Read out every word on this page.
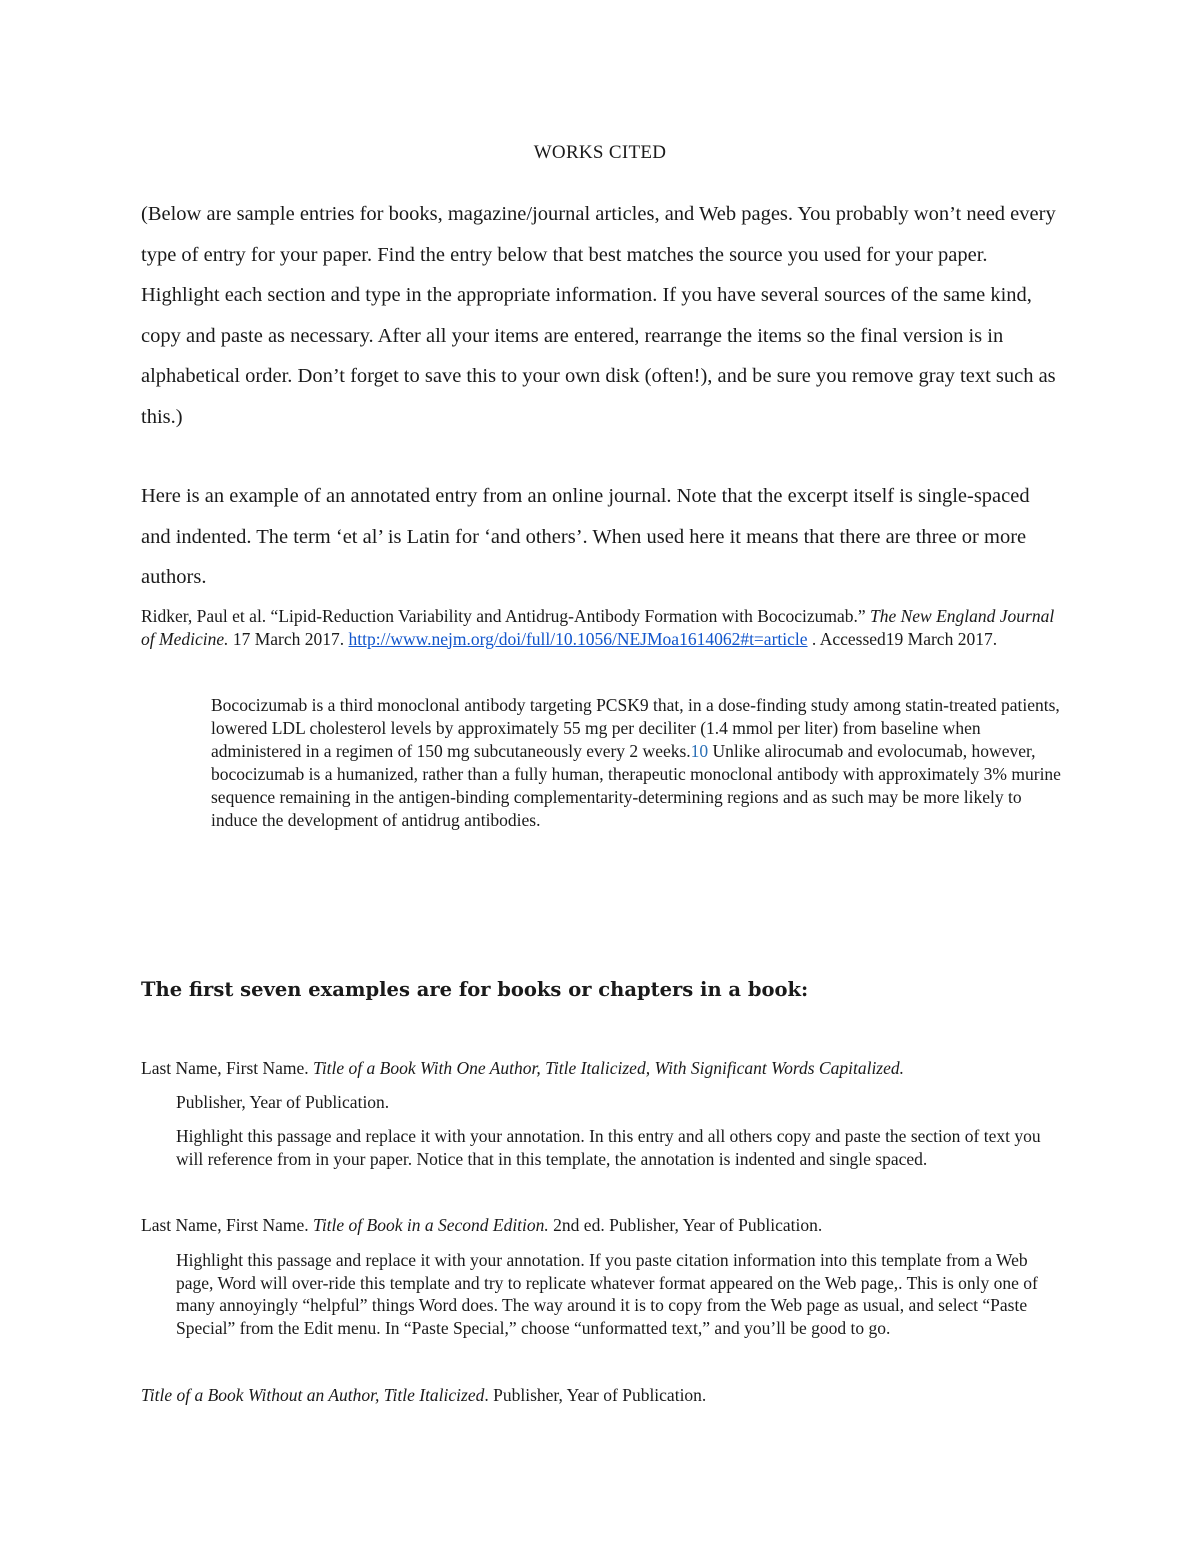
WORKS CITED

(Below are sample entries for books, magazine/journal articles, and Web pages. You probably won’t need every type of entry for your paper. Find the entry below that best matches the source you used for your paper. Highlight each section and type in the appropriate information. If you have several sources of the same kind, copy and paste as necessary. After all your items are entered, rearrange the items so the final version is in alphabetical order. Don’t forget to save this to your own disk (often!), and be sure you remove gray text such as this.)

Here is an example of an annotated entry from an online journal. Note that the excerpt itself is single-spaced and indented. The term ‘et al’ is Latin for ‘and others’. When used here it means that there are three or more authors.

Ridker, Paul et al. “Lipid-Reduction Variability and Antidrug-Antibody Formation with Bococizumab.” The New England Journal of Medicine. 17 March 2017. http://www.nejm.org/doi/full/10.1056/NEJMoa1614062#t=article . Accessed19 March 2017.

Bococizumab is a third monoclonal antibody targeting PCSK9 that, in a dose-finding study among statin-treated patients, lowered LDL cholesterol levels by approximately 55 mg per deciliter (1.4 mmol per liter) from baseline when administered in a regimen of 150 mg subcutaneously every 2 weeks.10 Unlike alirocumab and evolocumab, however, bococizumab is a humanized, rather than a fully human, therapeutic monoclonal antibody with approximately 3% murine sequence remaining in the antigen-binding complementarity-determining regions and as such may be more likely to induce the development of antidrug antibodies.

The first seven examples are for books or chapters in a book:

Last Name, First Name. Title of a Book With One Author, Title Italicized, With Significant Words Capitalized.

Publisher, Year of Publication.

Highlight this passage and replace it with your annotation. In this entry and all others copy and paste the section of text you will reference from in your paper. Notice that in this template, the annotation is indented and single spaced.

Last Name, First Name. Title of Book in a Second Edition. 2nd ed. Publisher, Year of Publication.

Highlight this passage and replace it with your annotation. If you paste citation information into this template from a Web page, Word will over-ride this template and try to replicate whatever format appeared on the Web page,. This is only one of many annoyingly “helpful” things Word does. The way around it is to copy from the Web page as usual, and select “Paste Special” from the Edit menu. In “Paste Special,” choose “unformatted text,” and you’ll be good to go.

Title of a Book Without an Author, Title Italicized. Publisher, Year of Publication.
